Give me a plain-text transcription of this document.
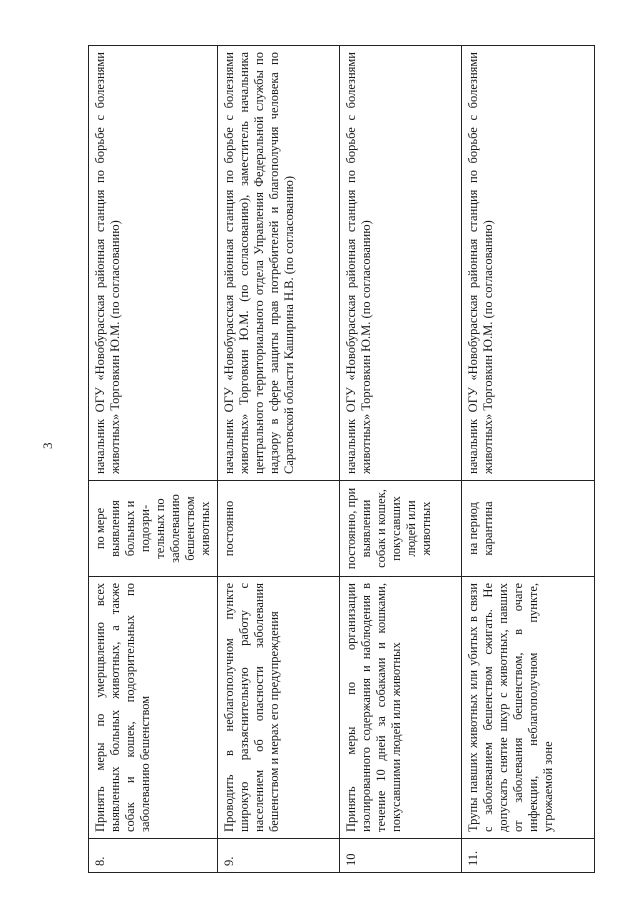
3
8.	Принять меры по умерщвлению всех выявленных больных животных, а также собак и кошек, подозрительных по заболеванию бешенством	по мере выявления больных и подозри-тельных по заболеванию бешенством животных	начальник ОГУ «Новобурасская районная станция по борьбе с болезнями животных» Торговкин Ю.М. (по согласованию)
9.	Проводить в неблагополучном пункте широкую разъяснительную работу с населением об опасности заболевания бешенством и мерах его предупреждения	постоянно	начальник ОГУ «Новобурасская районная станция по борьбе с болезнями животных» Торговкин Ю.М. (по согласованию), заместитель начальника центрального территориального отдела Управления Федеральной службы по надзору в сфере защиты прав потребителей и благополучия человека по Саратовской области Каширина Н.В. (по согласованию)
10	Принять меры по организации изолированного содержания и наблюдения в течение 10 дней за собаками и кошками, покусавшими людей или животных	постоянно, при выявлении собак и кошек, покусавших людей или животных	начальник ОГУ «Новобурасская районная станция по борьбе с болезнями животных» Торговкин Ю.М. (по согласованию)
11.	Трупы павших животных или убитых в связи с заболеванием бешенством сжигать. Не допускать снятие шкур с животных, павших от заболевания бешенством, в очаге инфекции, неблагополучном пункте, угрожаемой зоне	на период карантина	начальник ОГУ «Новобурасская районная станция по борьбе с болезнями животных» Торговкин Ю.М. (по согласованию)
